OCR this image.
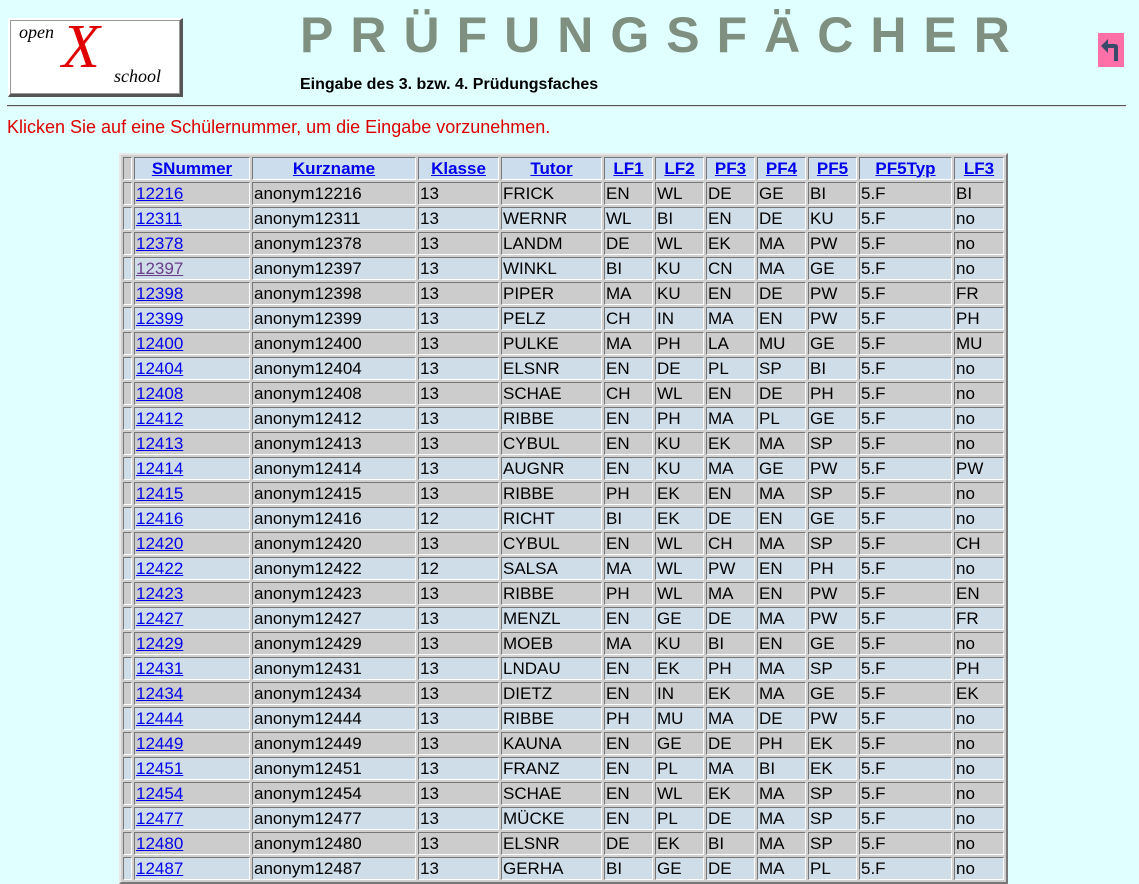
open X school
PRÜFUNGSFÄCHER
Eingabe des 3. bzw. 4. Prüdungsfaches
Klicken Sie auf eine Schülernummer, um die Eingabe vorzunehmen.
	SNummer	Kurzname	Klasse	Tutor	LF1	LF2	PF3	PF4	PF5	PF5Typ	LF3
	12216	anonym12216	13	FRICK	EN	WL	DE	GE	BI	5.F	BI
	12311	anonym12311	13	WERNR	WL	BI	EN	DE	KU	5.F	no
	12378	anonym12378	13	LANDM	DE	WL	EK	MA	PW	5.F	no
	12397	anonym12397	13	WINKL	BI	KU	CN	MA	GE	5.F	no
	12398	anonym12398	13	PIPER	MA	KU	EN	DE	PW	5.F	FR
	12399	anonym12399	13	PELZ	CH	IN	MA	EN	PW	5.F	PH
	12400	anonym12400	13	PULKE	MA	PH	LA	MU	GE	5.F	MU
	12404	anonym12404	13	ELSNR	EN	DE	PL	SP	BI	5.F	no
	12408	anonym12408	13	SCHAE	CH	WL	EN	DE	PH	5.F	no
	12412	anonym12412	13	RIBBE	EN	PH	MA	PL	GE	5.F	no
	12413	anonym12413	13	CYBUL	EN	KU	EK	MA	SP	5.F	no
	12414	anonym12414	13	AUGNR	EN	KU	MA	GE	PW	5.F	PW
	12415	anonym12415	13	RIBBE	PH	EK	EN	MA	SP	5.F	no
	12416	anonym12416	12	RICHT	BI	EK	DE	EN	GE	5.F	no
	12420	anonym12420	13	CYBUL	EN	WL	CH	MA	SP	5.F	CH
	12422	anonym12422	12	SALSA	MA	WL	PW	EN	PH	5.F	no
	12423	anonym12423	13	RIBBE	PH	WL	MA	EN	PW	5.F	EN
	12427	anonym12427	13	MENZL	EN	GE	DE	MA	PW	5.F	FR
	12429	anonym12429	13	MOEB	MA	KU	BI	EN	GE	5.F	no
	12431	anonym12431	13	LNDAU	EN	EK	PH	MA	SP	5.F	PH
	12434	anonym12434	13	DIETZ	EN	IN	EK	MA	GE	5.F	EK
	12444	anonym12444	13	RIBBE	PH	MU	MA	DE	PW	5.F	no
	12449	anonym12449	13	KAUNA	EN	GE	DE	PH	EK	5.F	no
	12451	anonym12451	13	FRANZ	EN	PL	MA	BI	EK	5.F	no
	12454	anonym12454	13	SCHAE	EN	WL	EK	MA	SP	5.F	no
	12477	anonym12477	13	MÜCKE	EN	PL	DE	MA	SP	5.F	no
	12480	anonym12480	13	ELSNR	DE	EK	BI	MA	SP	5.F	no
	12487	anonym12487	13	GERHA	BI	GE	DE	MA	PL	5.F	no
